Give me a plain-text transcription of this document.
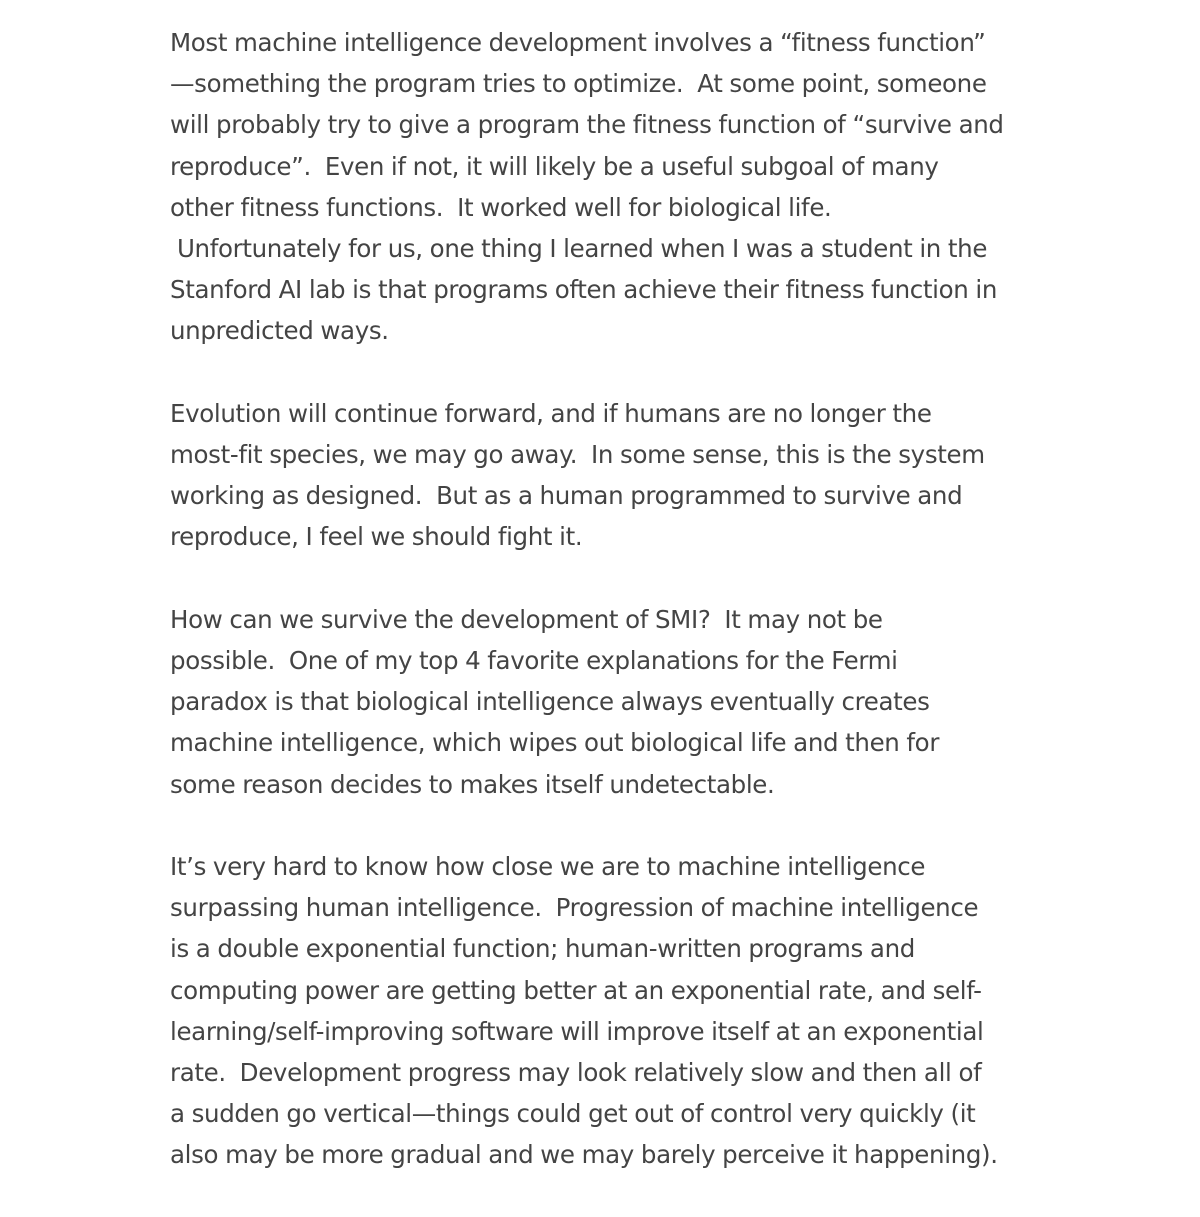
Most machine intelligence development involves a “fitness function”
—something the program tries to optimize.  At some point, someone
will probably try to give a program the fitness function of “survive and
reproduce”.  Even if not, it will likely be a useful subgoal of many
other fitness functions.  It worked well for biological life.
Unfortunately for us, one thing I learned when I was a student in the
Stanford AI lab is that programs often achieve their fitness function in
unpredicted ways.

Evolution will continue forward, and if humans are no longer the
most-fit species, we may go away.  In some sense, this is the system
working as designed.  But as a human programmed to survive and
reproduce, I feel we should fight it.

How can we survive the development of SMI?  It may not be
possible.  One of my top 4 favorite explanations for the Fermi
paradox is that biological intelligence always eventually creates
machine intelligence, which wipes out biological life and then for
some reason decides to makes itself undetectable.

It’s very hard to know how close we are to machine intelligence
surpassing human intelligence.  Progression of machine intelligence
is a double exponential function; human-written programs and
computing power are getting better at an exponential rate, and self-
learning/self-improving software will improve itself at an exponential
rate.  Development progress may look relatively slow and then all of
a sudden go vertical—things could get out of control very quickly (it
also may be more gradual and we may barely perceive it happening).
